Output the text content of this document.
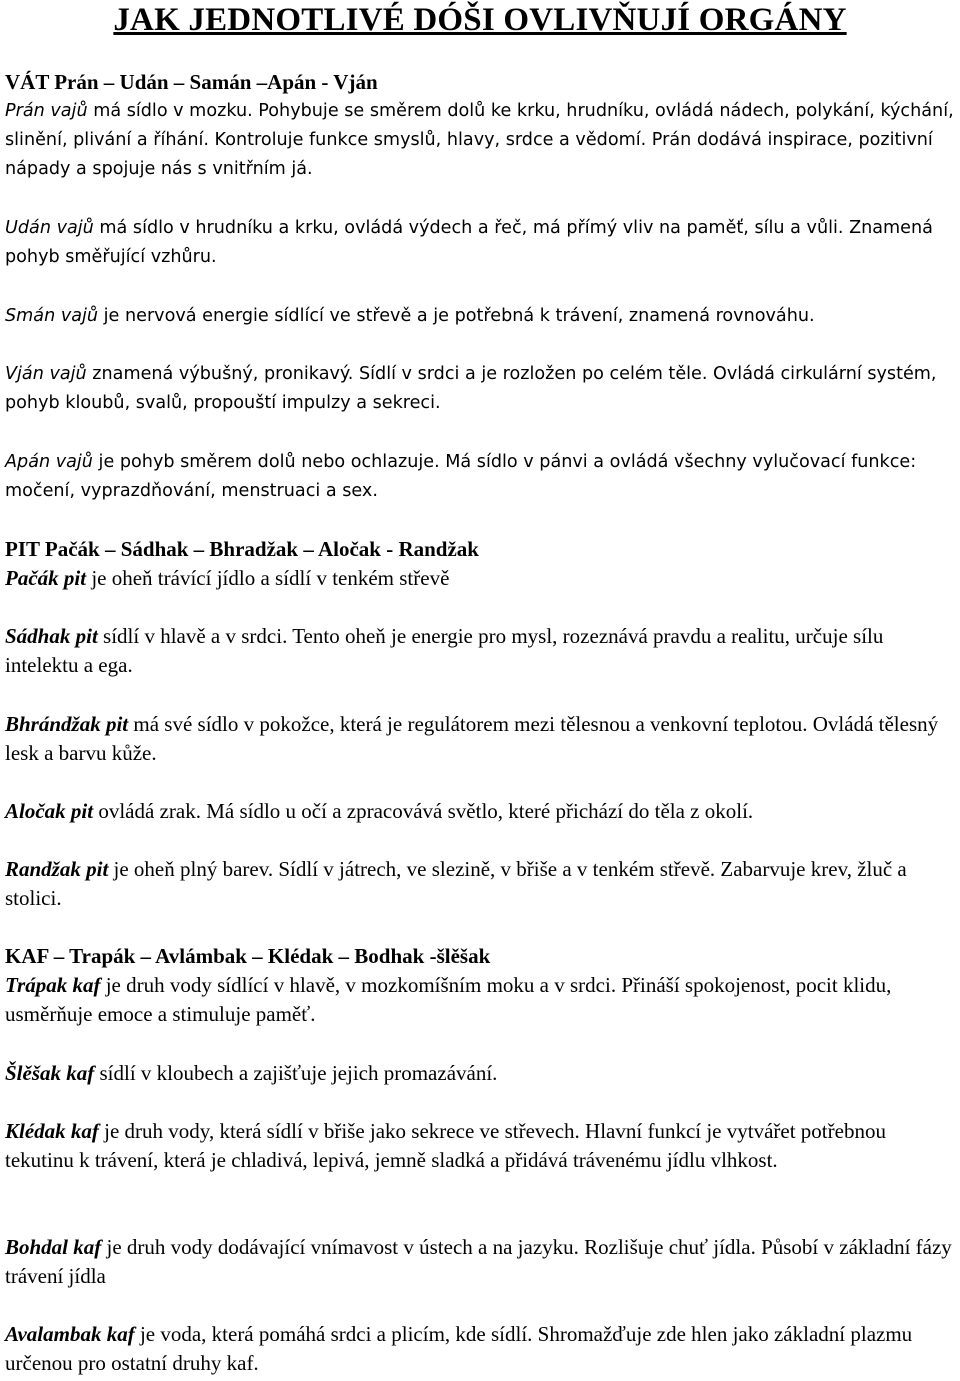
JAK JEDNOTLIVÉ DÓŠI OVLIVŇUJÍ ORGÁNY
VÁT Prán – Udán – Samán –Apán - Vján
Prán vajů má sídlo v mozku. Pohybuje se směrem dolů ke krku, hrudníku, ovládá nádech, polykání, kýchání, slinění, plivání a říhání. Kontroluje funkce smyslů, hlavy, srdce a vědomí. Prán dodává inspirace, pozitivní nápady a spojuje nás s vnitřním já.
Udán vajů má sídlo v hrudníku a krku, ovládá výdech a řeč, má přímý vliv na paměť, sílu a vůli. Znamená pohyb směřující vzhůru.
Smán vajů je nervová energie sídlící ve střevě a je potřebná k trávení, znamená rovnováhu.
Vján vajů znamená výbušný, pronikavý. Sídlí v srdci a je rozložen po celém těle. Ovládá cirkulární systém, pohyb kloubů, svalů, propouští impulzy a sekreci.
Apán vajů je pohyb směrem dolů nebo ochlazuje. Má sídlo v pánvi a ovládá všechny vylučovací funkce: močení, vyprazdňování, menstruaci a sex.
PIT Pačák – Sádhak – Bhradžak – Aločak - Randžak
Pačák pit je oheň trávící jídlo a sídlí v tenkém střevě
Sádhak pit sídlí v hlavě a v srdci. Tento oheň je energie pro mysl, rozeznává pravdu a realitu, určuje sílu intelektu a ega.
Bhrándžak pit má své sídlo v pokožce, která je regulátorem mezi tělesnou a venkovní teplotou. Ovládá tělesný lesk a barvu kůže.
Aločak pit ovládá zrak. Má sídlo u očí a zpracovává světlo, které přichází do těla z okolí.
Randžak pit je oheň plný barev. Sídlí v játrech, ve slezině, v břiše a v tenkém střevě. Zabarvuje krev, žluč a stolici.
KAF – Trapák – Avlámbak – Klédak – Bodhak -šlěšak
Trápak kaf je druh vody sídlící v hlavě, v mozkomíšním moku a v srdci. Přináší spokojenost, pocit klidu, usměrňuje emoce a stimuluje paměť.
Šlěšak kaf sídlí v kloubech a zajišťuje jejich promazávání.
Klédak kaf je druh vody, která sídlí v břiše jako sekrece ve střevech. Hlavní funkcí je vytvářet potřebnou tekutinu k trávení, která je chladivá, lepivá, jemně sladká a přidává trávenému jídlu vlhkost.
Bohdal kaf je druh vody dodávající vnímavost v ústech a na jazyku. Rozlišuje chuť jídla. Působí v základní fázy trávení jídla
Avalambak kaf je voda, která pomáhá srdci a plicím, kde sídlí. Shromažďuje zde hlen jako základní plazmu určenou pro ostatní druhy kaf.
